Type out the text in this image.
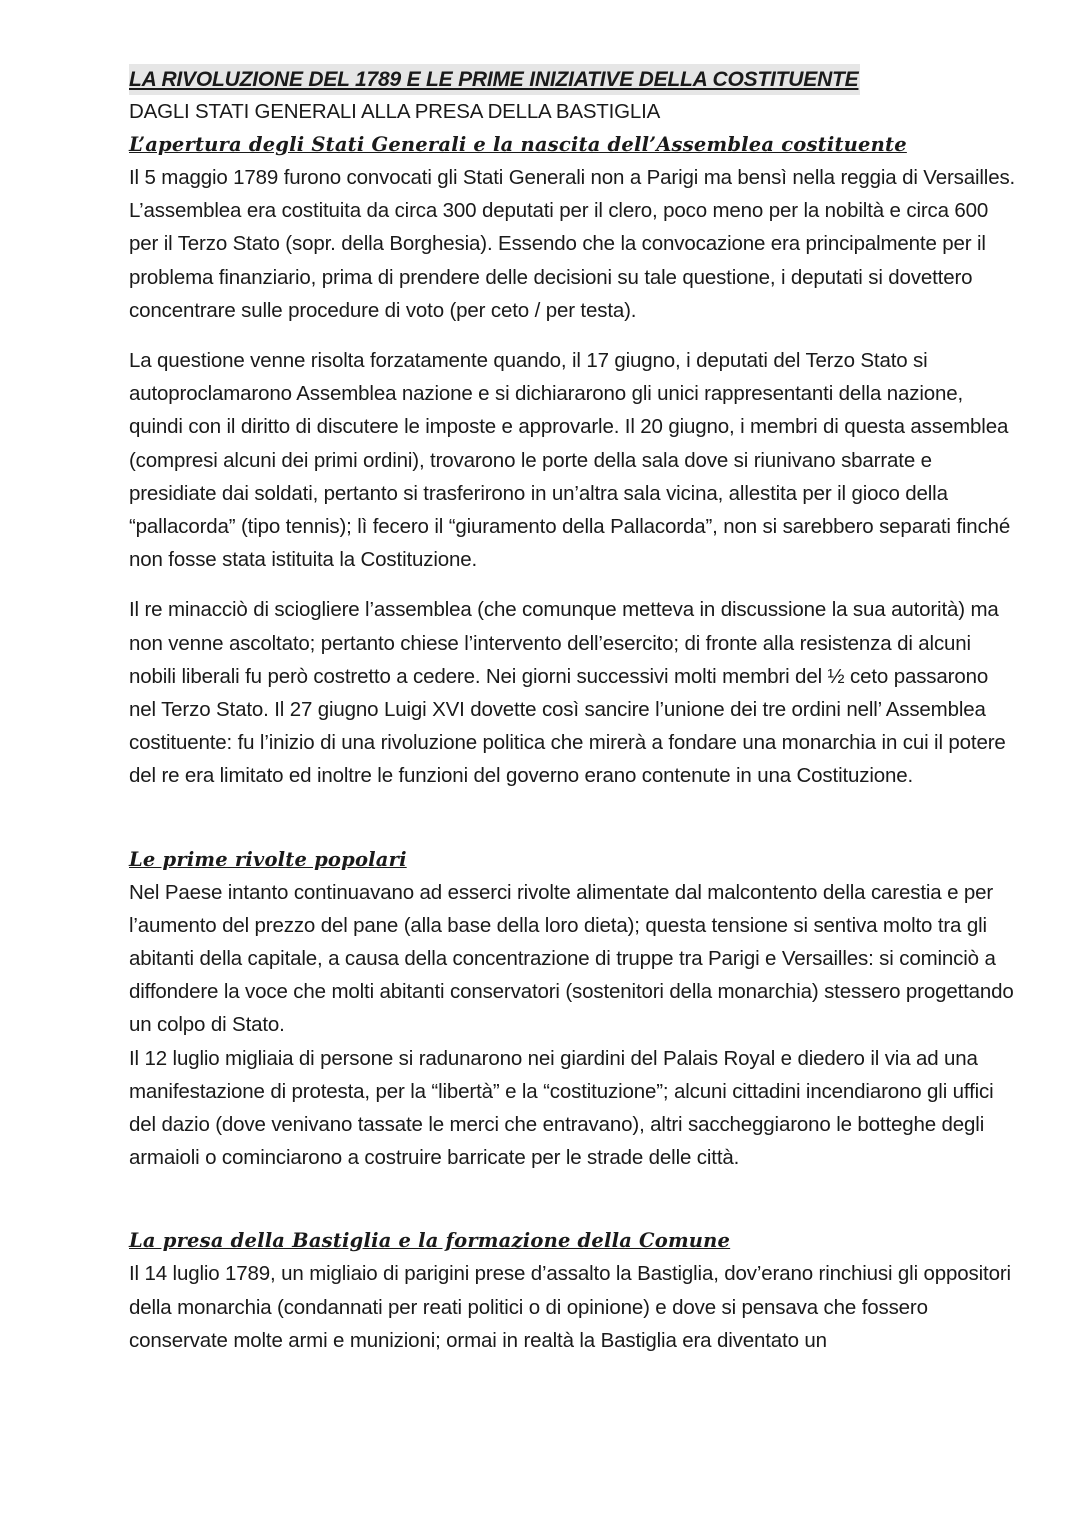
LA RIVOLUZIONE DEL 1789 E LE PRIME INIZIATIVE DELLA COSTITUENTE

DAGLI STATI GENERALI ALLA PRESA DELLA BASTIGLIA

L’apertura degli Stati Generali e la nascita dell’Assemblea costituente

Il 5 maggio 1789 furono convocati gli Stati Generali non a Parigi ma bensì nella reggia di Versailles. L’assemblea era costituita da circa 300 deputati per il clero, poco meno per la nobiltà e circa 600 per il Terzo Stato (sopr. della Borghesia). Essendo che la convocazione era principalmente per il problema finanziario, prima di prendere delle decisioni su tale questione, i deputati si dovettero concentrare sulle procedure di voto (per ceto / per testa).

La questione venne risolta forzatamente quando, il 17 giugno, i deputati del Terzo Stato si autoproclamarono Assemblea nazione e si dichiararono gli unici rappresentanti della nazione, quindi con il diritto di discutere le imposte e approvarle. Il 20 giugno, i membri di questa assemblea (compresi alcuni dei primi ordini), trovarono le porte della sala dove si riunivano sbarrate e presidiate dai soldati, pertanto si trasferirono in un’altra sala vicina, allestita per il gioco della “pallacorda” (tipo tennis); lì fecero il “giuramento della Pallacorda”, non si sarebbero separati finché non fosse stata istituita la Costituzione.

Il re minacciò di sciogliere l’assemblea (che comunque metteva in discussione la sua autorità) ma non venne ascoltato; pertanto chiese l’intervento dell’esercito; di fronte alla resistenza di alcuni nobili liberali fu però costretto a cedere. Nei giorni successivi molti membri del ½ ceto passarono nel Terzo Stato. Il 27 giugno Luigi XVI dovette così sancire l’unione dei tre ordini nell’ Assemblea costituente: fu l’inizio di una rivoluzione politica che mirerà a fondare una monarchia in cui il potere del re era limitato ed inoltre le funzioni del governo erano contenute in una Costituzione.

Le prime rivolte popolari

Nel Paese intanto continuavano ad esserci rivolte alimentate dal malcontento della carestia e per l’aumento del prezzo del pane (alla base della loro dieta); questa tensione si sentiva molto tra gli abitanti della capitale, a causa della concentrazione di truppe tra Parigi e Versailles: si cominciò a diffondere la voce che molti abitanti conservatori (sostenitori della monarchia) stessero progettando un colpo di Stato.

Il 12 luglio migliaia di persone si radunarono nei giardini del Palais Royal e diedero il via ad una manifestazione di protesta, per la “libertà” e la “costituzione”; alcuni cittadini incendiarono gli uffici del dazio (dove venivano tassate le merci che entravano), altri saccheggiarono le botteghe degli armaioli o cominciarono a costruire barricate per le strade delle città.

La presa della Bastiglia e la formazione della Comune

Il 14 luglio 1789, un migliaio di parigini prese d’assalto la Bastiglia, dov’erano rinchiusi gli oppositori della monarchia (condannati per reati politici o di opinione) e dove si pensava che fossero conservate molte armi e munizioni; ormai in realtà la Bastiglia era diventato un
